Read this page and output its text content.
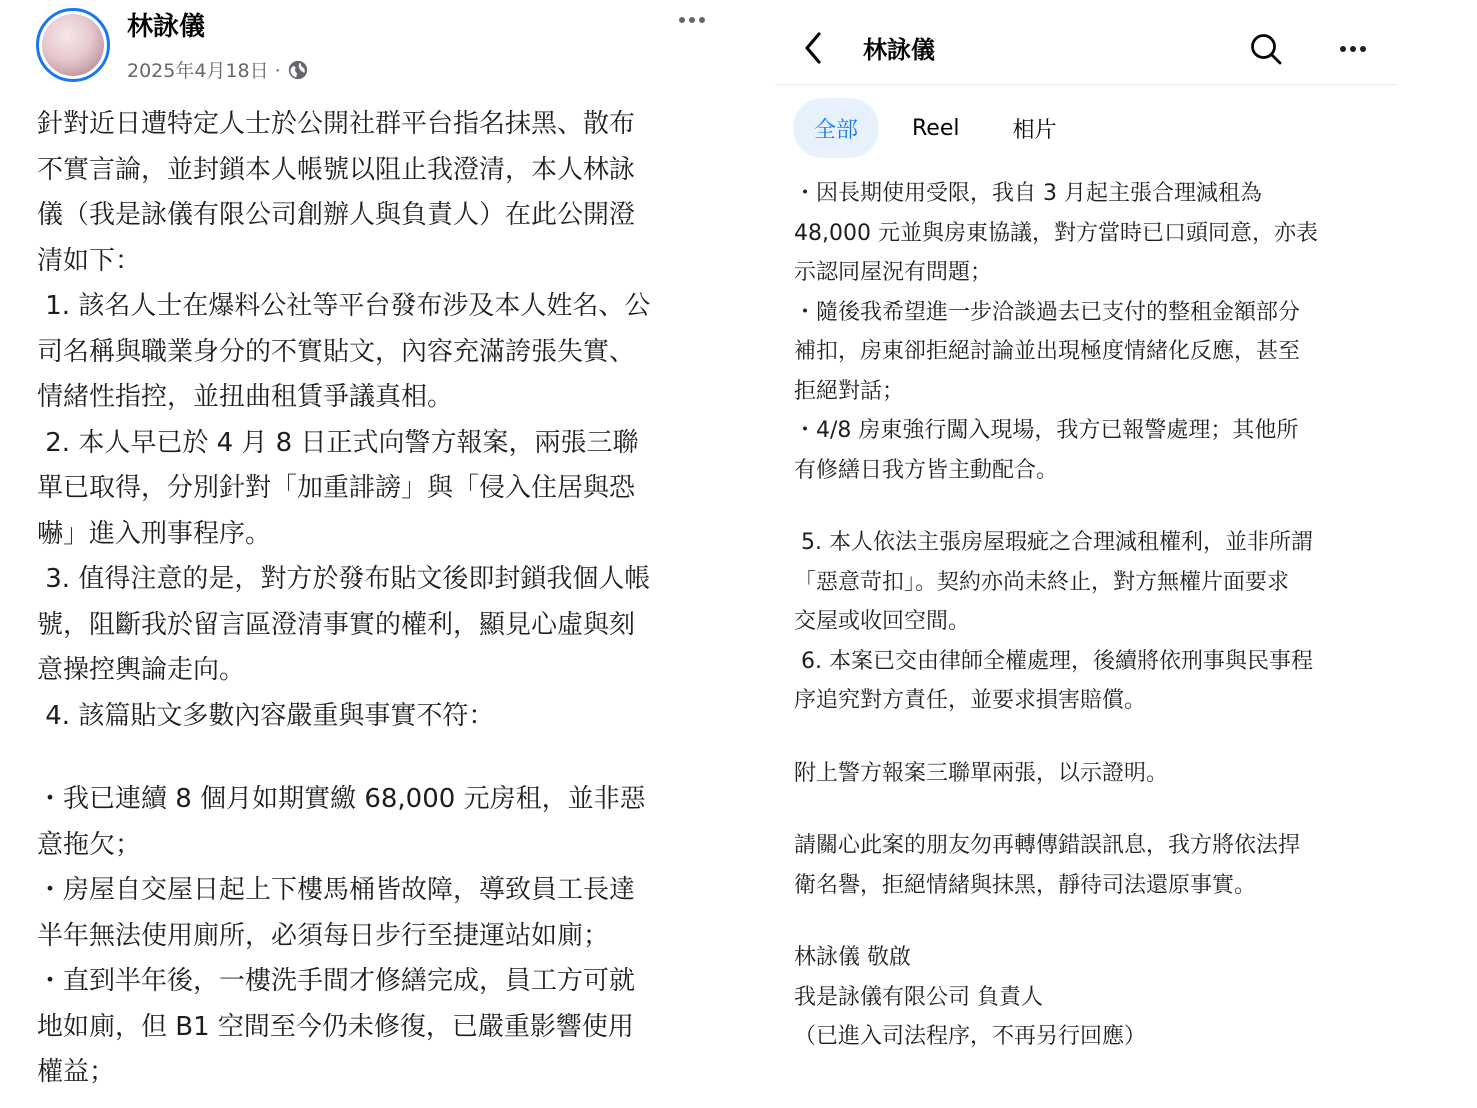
林詠儀
2025年4月18日 ·

針對近日遭特定人士於公開社群平台指名抹黑、散布

不實言論，並封鎖本人帳號以阻止我澄清，本人林詠

儀（我是詠儀有限公司創辦人與負責人）在此公開澄

清如下：

1. 該名人士在爆料公社等平台發布涉及本人姓名、公

司名稱與職業身分的不實貼文，內容充滿誇張失實、

情緒性指控，並扭曲租賃爭議真相。

2. 本人早已於 4 月 8 日正式向警方報案，兩張三聯

單已取得，分別針對「加重誹謗」與「侵入住居與恐

嚇」進入刑事程序。

3. 值得注意的是，對方於發布貼文後即封鎖我個人帳

號，阻斷我於留言區澄清事實的權利，顯見心虛與刻

意操控輿論走向。

4. 該篇貼文多數內容嚴重與事實不符：

・我已連續 8 個月如期實繳 68,000 元房租，並非惡

意拖欠；

・房屋自交屋日起上下樓馬桶皆故障，導致員工長達

半年無法使用廁所，必須每日步行至捷運站如廁；

・直到半年後，一樓洗手間才修繕完成，員工方可就

地如廁，但 B1 空間至今仍未修復，已嚴重影響使用

權益；

林詠儀
全部	Reel 相片

・因長期使用受限，我自 3 月起主張合理減租為

48,000 元並與房東協議，對方當時已口頭同意，亦表

示認同屋況有問題；

・隨後我希望進一步洽談過去已支付的整租金額部分

補扣，房東卻拒絕討論並出現極度情緒化反應，甚至

拒絕對話；

・4/8 房東強行闖入現場，我方已報警處理；其他所

有修繕日我方皆主動配合。

5. 本人依法主張房屋瑕疵之合理減租權利，並非所謂

「惡意苛扣」。契約亦尚未終止，對方無權片面要求

交屋或收回空間。

6. 本案已交由律師全權處理，後續將依刑事與民事程

序追究對方責任，並要求損害賠償。

附上警方報案三聯單兩張，以示證明。

請關心此案的朋友勿再轉傳錯誤訊息，我方將依法捍

衛名譽，拒絕情緒與抹黑，靜待司法還原事實。

林詠儀 敬啟

我是詠儀有限公司 負責人

（已進入司法程序，不再另行回應）
